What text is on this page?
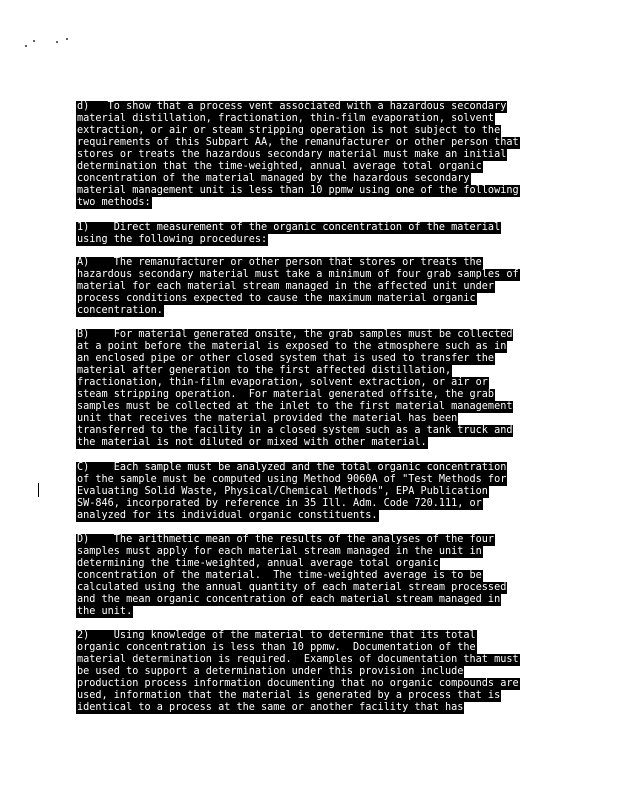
d)   To show that a process vent associated with a hazardous secondary
material distillation, fractionation, thin-film evaporation, solvent
extraction, or air or steam stripping operation is not subject to the
requirements of this Subpart AA, the remanufacturer or other person that
stores or treats the hazardous secondary material must make an initial
determination that the time-weighted, annual average total organic
concentration of the material managed by the hazardous secondary
material management unit is less than 10 ppmw using one of the following
two methods:
1)    Direct measurement of the organic concentration of the material
using the following procedures:
A)    The remanufacturer or other person that stores or treats the
hazardous secondary material must take a minimum of four grab samples of
material for each material stream managed in the affected unit under
process conditions expected to cause the maximum material organic
concentration.
B)    For material generated onsite, the grab samples must be collected
at a point before the material is exposed to the atmosphere such as in
an enclosed pipe or other closed system that is used to transfer the
material after generation to the first affected distillation,
fractionation, thin-film evaporation, solvent extraction, or air or
steam stripping operation.  For material generated offsite, the grab
samples must be collected at the inlet to the first material management
unit that receives the material provided the material has been
transferred to the facility in a closed system such as a tank truck and
the material is not diluted or mixed with other material.
C)    Each sample must be analyzed and the total organic concentration
of the sample must be computed using Method 9060A of "Test Methods for
Evaluating Solid Waste, Physical/Chemical Methods", EPA Publication
SW-846, incorporated by reference in 35 Ill. Adm. Code 720.111, or
analyzed for its individual organic constituents.
D)    The arithmetic mean of the results of the analyses of the four
samples must apply for each material stream managed in the unit in
determining the time-weighted, annual average total organic
concentration of the material.  The time-weighted average is to be
calculated using the annual quantity of each material stream processed
and the mean organic concentration of each material stream managed in
the unit.
2)    Using knowledge of the material to determine that its total
organic concentration is less than 10 ppmw.  Documentation of the
material determination is required.  Examples of documentation that must
be used to support a determination under this provision include
production process information documenting that no organic compounds are
used, information that the material is generated by a process that is
identical to a process at the same or another facility that has
